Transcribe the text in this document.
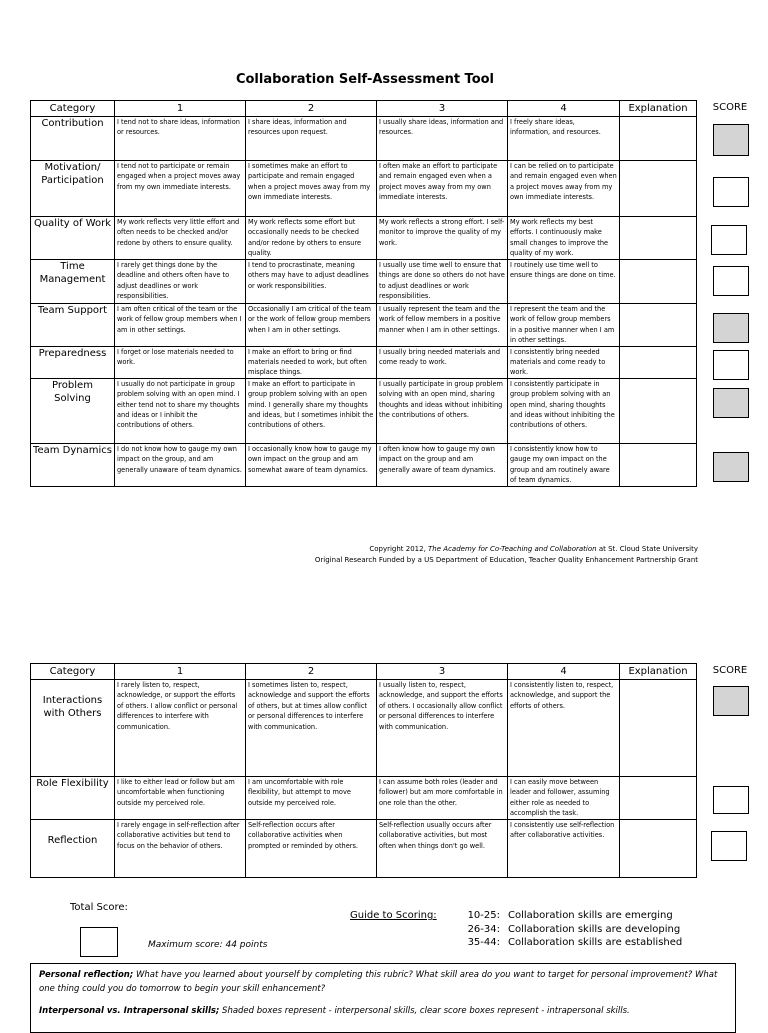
Collaboration Self-Assessment Tool
Category	1	2	3	4	Explanation
Contribution	I tend not to share ideas, information or resources.	I share ideas, information and resources upon request.	I usually share ideas, information and resources.	I freely share ideas, information, and resources.	
Motivation/ Participation	I tend not to participate or remain engaged when a project moves away from my own immediate interests.	I sometimes make an effort to participate and remain engaged when a project moves away from my own immediate interests.	I often make an effort to participate and remain engaged even when a project moves away from my own immediate interests.	I can be relied on to participate and remain engaged even when a project moves away from my own immediate interests.	
Quality of Work	My work reflects very little effort and often needs to be checked and/or redone by others to ensure quality.	My work reflects some effort but occasionally needs to be checked and/or redone by others to ensure quality.	My work reflects a strong effort. I self-monitor to improve the quality of my work.	My work reflects my best efforts. I continuously make small changes to improve the quality of my work.	
Time Management	I rarely get things done by the deadline and others often have to adjust deadlines or work responsibilities.	I tend to procrastinate, meaning others may have to adjust deadlines or work responsibilities.	I usually use time well to ensure that things are done so others do not have to adjust deadlines or work responsibilities.	I routinely use time well to ensure things are done on time.	
Team Support	I am often critical of the team or the work of fellow group members when I am in other settings.	Occasionally I am critical of the team or the work of fellow group members when I am in other settings.	I usually represent the team and the work of fellow members in a positive manner when I am in other settings.	I represent the team and the work of fellow group members in a positive manner when I am in other settings.	
Preparedness	I forget or lose materials needed to work.	I make an effort to bring or find materials needed to work, but often misplace things.	I usually bring needed materials and come ready to work.	I consistently bring needed materials and come ready to work.	
Problem Solving	I usually do not participate in group problem solving with an open mind. I either tend not to share my thoughts and ideas or I inhibit the contributions of others.	I make an effort to participate in group problem solving with an open mind. I generally share my thoughts and ideas, but I sometimes inhibit the contributions of others.	I usually participate in group problem solving with an open mind, sharing thoughts and ideas without inhibiting the contributions of others.	I consistently participate in group problem solving with an open mind, sharing thoughts and ideas without inhibiting the contributions of others.	
Team Dynamics	I do not know how to gauge my own impact on the group, and am generally unaware of team dynamics.	I occasionally know how to gauge my own impact on the group and am somewhat aware of team dynamics.	I often know how to gauge my own impact on the group and am generally aware of team dynamics.	I consistently know how to gauge my own impact on the group and am routinely aware of team dynamics.	
SCORE
Copyright 2012, The Academy for Co-Teaching and Collaboration at St. Cloud State University
Original Research Funded by a US Department of Education, Teacher Quality Enhancement Partnership Grant
Category	1	2	3	4	Explanation
Interactions with Others	I rarely listen to, respect, acknowledge, or support the efforts of others. I allow conflict or personal differences to interfere with communication.	I sometimes listen to, respect, acknowledge and support the efforts of others, but at times allow conflict or personal differences to interfere with communication.	I usually listen to, respect, acknowledge, and support the efforts of others. I occasionally allow conflict or personal differences to interfere with communication.	I consistently listen to, respect, acknowledge, and support the efforts of others.	
Role Flexibility	I like to either lead or follow but am uncomfortable when functioning outside my perceived role.	I am uncomfortable with role flexibility, but attempt to move outside my perceived role.	I can assume both roles (leader and follower) but am more comfortable in one role than the other.	I can easily move between leader and follower, assuming either role as needed to accomplish the task.	
Reflection	I rarely engage in self-reflection after collaborative activities but tend to focus on the behavior of others.	Self-reflection occurs after collaborative activities when prompted or reminded by others.	Self-reflection usually occurs after collaborative activities, but most often when things don't go well.	I consistently use self-reflection after collaborative activities.	
SCORE
Total Score:
Maximum score: 44 points
Guide to Scoring:	10-25: Collaboration skills are emerging
26-34: Collaboration skills are developing
35-44: Collaboration skills are established

Personal reflection; What have you learned about yourself by completing this rubric? What skill area do you want to target for personal improvement? What one thing could you do tomorrow to begin your skill enhancement?

Interpersonal vs. Intrapersonal skills; Shaded boxes represent - interpersonal skills, clear score boxes represent - intrapersonal skills.
